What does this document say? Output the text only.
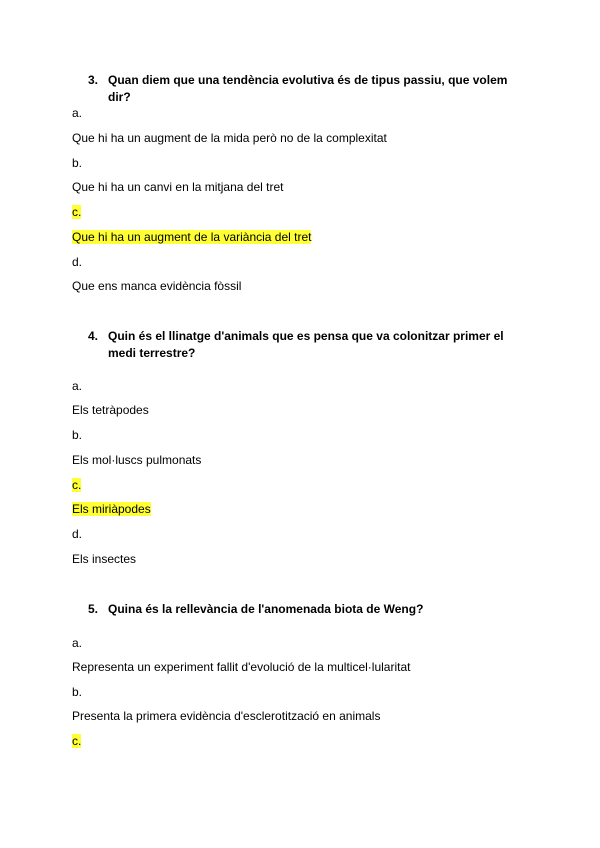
3. Quan diem que una tendència evolutiva és de tipus passiu, que volem dir?
a.
Que hi ha un augment de la mida però no de la complexitat
b.
Que hi ha un canvi en la mitjana del tret
c.
Que hi ha un augment de la variància del tret
d.
Que ens manca evidència fòssil
4. Quin és el llinatge d'animals que es pensa que va colonitzar primer el medi terrestre?
a.
Els tetràpodes
b.
Els mol·luscs pulmonats
c.
Els miriàpodes
d.
Els insectes
5. Quina és la rellevància de l'anomenada biota de Weng?
a.
Representa un experiment fallit d'evolució de la multicel·lularitat
b.
Presenta la primera evidència d'esclerotització en animals
c.
